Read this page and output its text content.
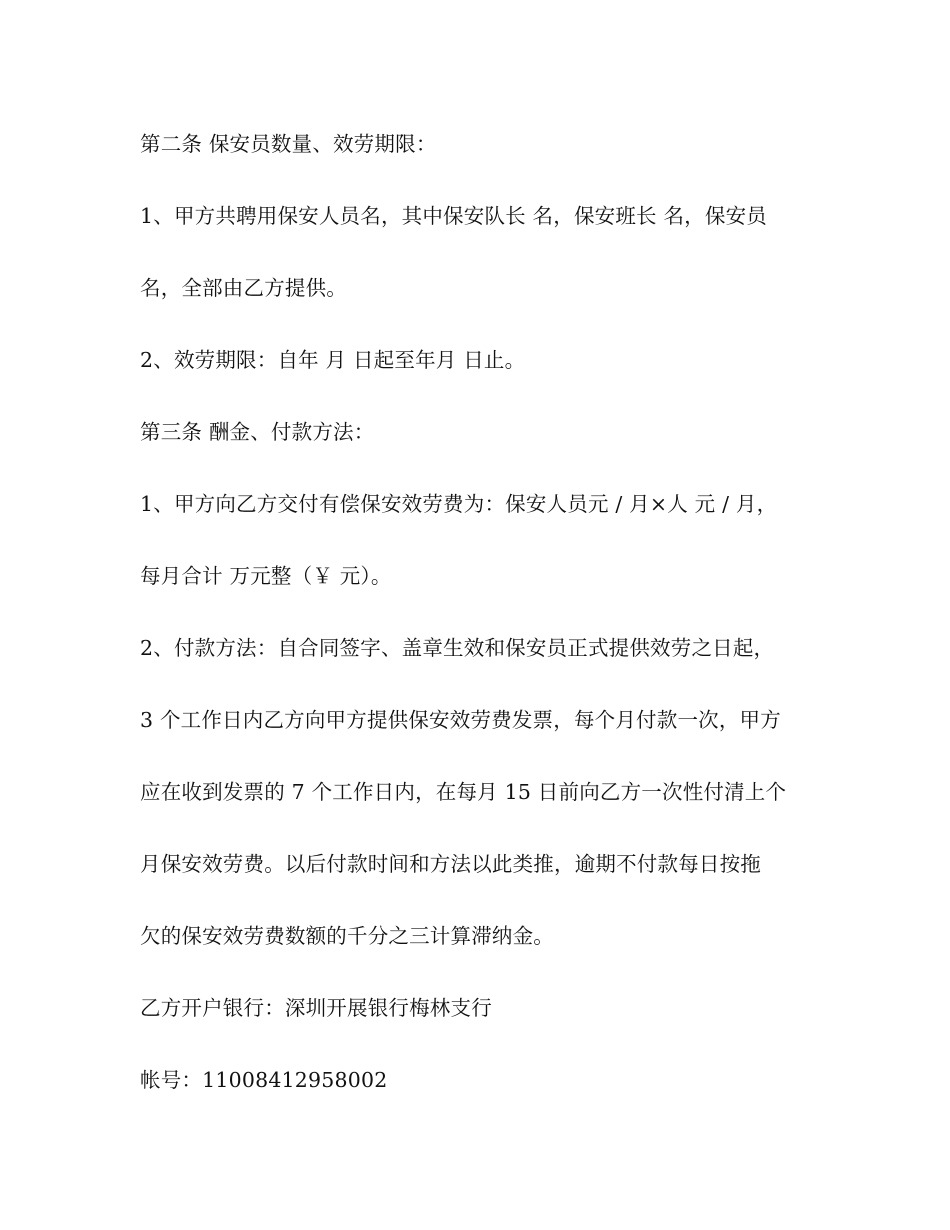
第二条 保安员数量、效劳期限：
1、甲方共聘用保安人员名，其中保安队长 名，保安班长 名，保安员
名，全部由乙方提供。
2、效劳期限：自年 月 日起至年月 日止。
第三条 酬金、付款方法：
1、甲方向乙方交付有偿保安效劳费为：保安人员元 / 月×人 元 / 月，
每月合计 万元整（￥ 元）。
2、付款方法：自合同签字、盖章生效和保安员正式提供效劳之日起，
3 个工作日内乙方向甲方提供保安效劳费发票，每个月付款一次，甲方
应在收到发票的 7 个工作日内，在每月 15 日前向乙方一次性付清上个
月保安效劳费。以后付款时间和方法以此类推，逾期不付款每日按拖
欠的保安效劳费数额的千分之三计算滞纳金。
乙方开户银行：深圳开展银行梅林支行
帐号：11008412958002
